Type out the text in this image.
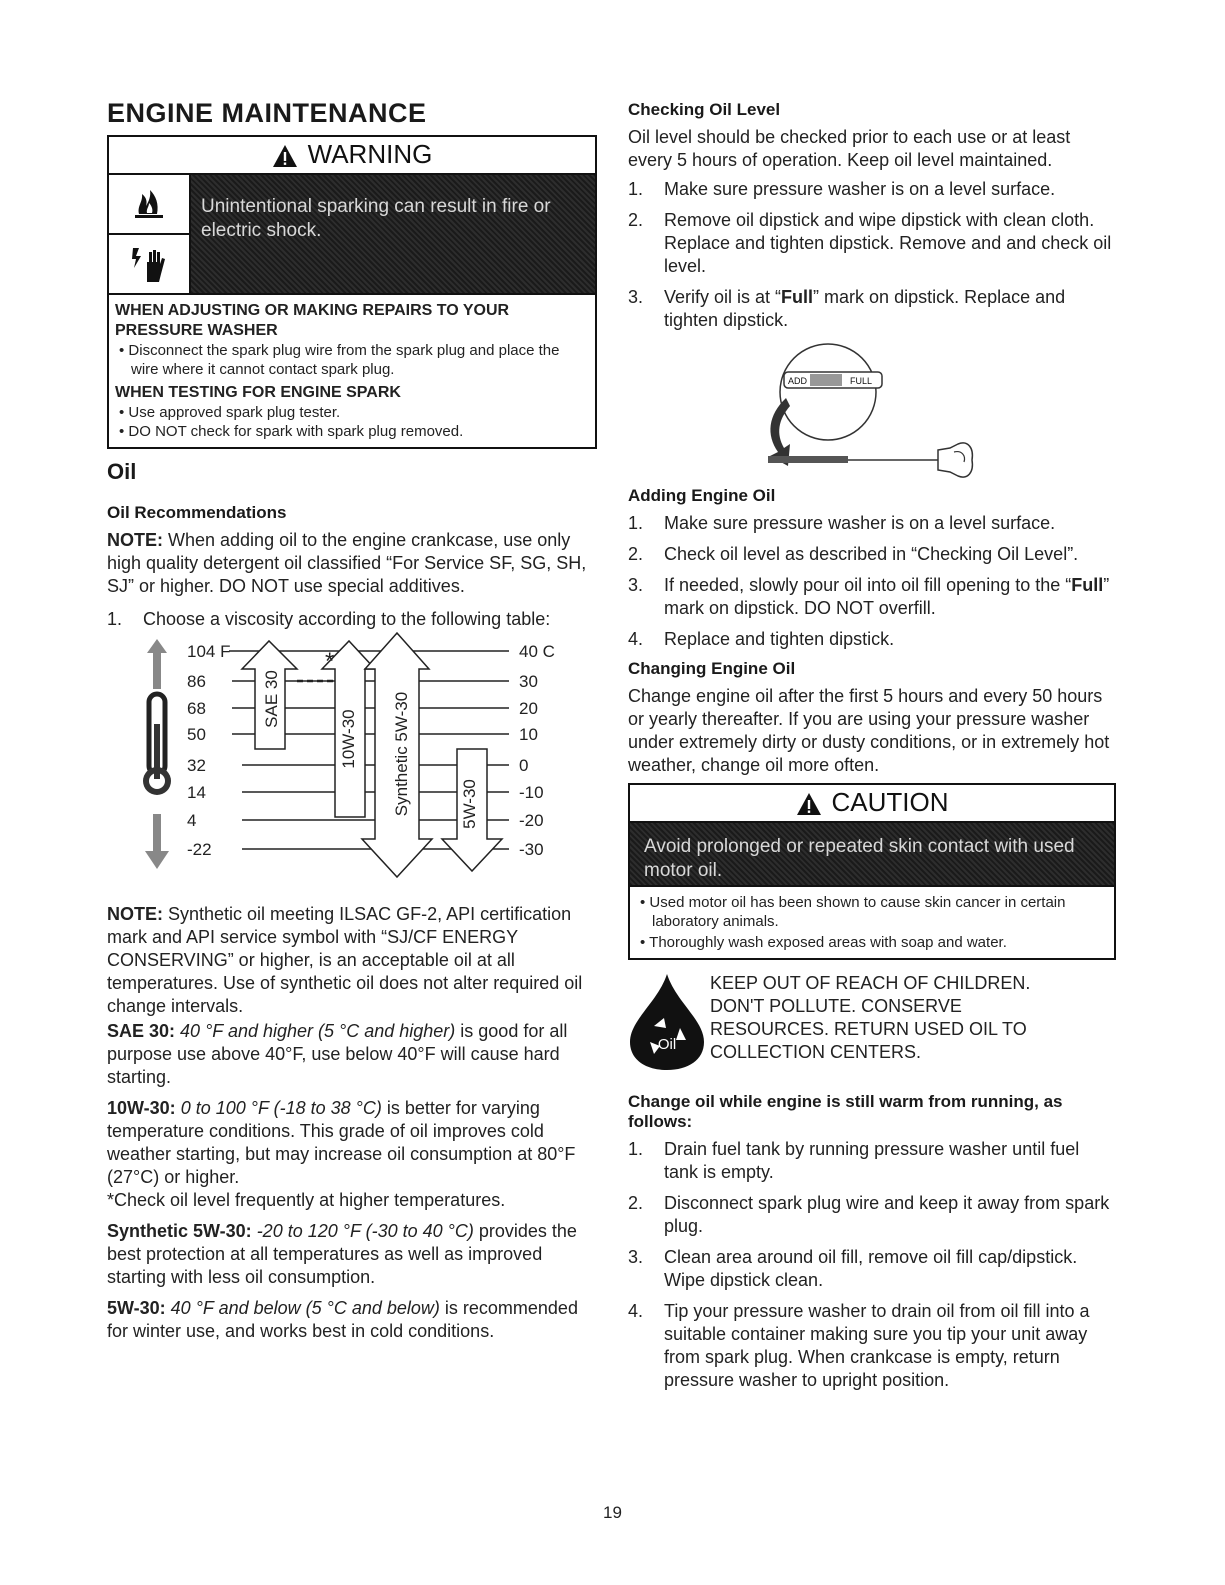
ENGINE MAINTENANCE
WARNING
Unintentional sparking can result in fire or electric shock.
WHEN ADJUSTING OR MAKING REPAIRS TO YOUR PRESSURE WASHER
• Disconnect the spark plug wire from the spark plug and place the wire where it cannot contact spark plug.
WHEN TESTING FOR ENGINE SPARK
• Use approved spark plug tester.
• DO NOT check for spark with spark plug removed.
Oil
Oil Recommendations

NOTE: When adding oil to the engine crankcase, use only high quality detergent oil classified “For Service SF, SG, SH, SJ” or higher. DO NOT use special additives.

1.	Choose a viscosity according to the following table:
104 F
86
68
50
32
14
4
-22
40 C
30
20
10
0
-10
-20
-30
*
SAE 30
10W-30 Synthetic 5W-30	5W-30

NOTE: Synthetic oil meeting ILSAC GF-2, API certification mark and API service symbol with “SJ/CF ENERGY CONSERVING” or higher, is an acceptable oil at all temperatures. Use of synthetic oil does not alter required oil change intervals.

SAE 30: 40 °F and higher (5 °C and higher) is good for all purpose use above 40°F, use below 40°F will cause hard starting.

10W-30: 0 to 100 °F (-18 to 38 °C) is better for varying temperature conditions. This grade of oil improves cold weather starting, but may increase oil consumption at 80°F (27°C) or higher.

*Check oil level frequently at higher temperatures.

Synthetic 5W-30: -20 to 120 °F (-30 to 40 °C) provides the best protection at all temperatures as well as improved starting with less oil consumption.

5W-30: 40 °F and below (5 °C and below) is recommended for winter use, and works best in cold conditions.

Checking Oil Level

Oil level should be checked prior to each use or at least every 5 hours of operation. Keep oil level maintained.

1.	Make sure pressure washer is on a level surface.
2.	Remove oil dipstick and wipe dipstick with clean cloth. Replace and tighten dipstick. Remove and and check oil level.
3.	Verify oil is at “Full” mark on dipstick. Replace and tighten dipstick.
ADD	FULL
Adding Engine Oil
1.	Make sure pressure washer is on a level surface.
2.	Check oil level as described in “Checking Oil Level”.
3.	If needed, slowly pour oil into oil fill opening to the “Full” mark on dipstick. DO NOT overfill.
4.	Replace and tighten dipstick.
Changing Engine Oil

Change engine oil after the first 5 hours and every 50 hours or yearly thereafter. If you are using your pressure washer under extremely dirty or dusty conditions, or in extremely hot weather, change oil more often.

CAUTION
Avoid prolonged or repeated skin contact with used motor oil.
• Used motor oil has been shown to cause skin cancer in certain laboratory animals.
• Thoroughly wash exposed areas with soap and water.
Oil
KEEP OUT OF REACH OF CHILDREN. DON'T POLLUTE. CONSERVE RESOURCES. RETURN USED OIL TO COLLECTION CENTERS.
Change oil while engine is still warm from running, as follows:
1.	Drain fuel tank by running pressure washer until fuel tank is empty.
2.	Disconnect spark plug wire and keep it away from spark plug.
3.	Clean area around oil fill, remove oil fill cap/dipstick. Wipe dipstick clean.
4.	Tip your pressure washer to drain oil from oil fill into a suitable container making sure you tip your unit away from spark plug. When crankcase is empty, return pressure washer to upright position.
19
